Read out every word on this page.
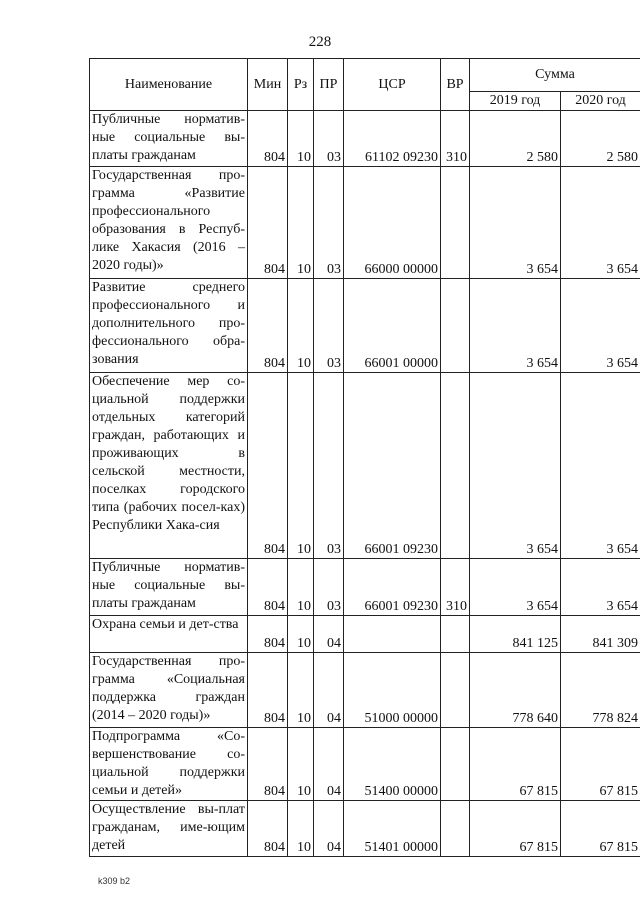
228
Наименование	Мин	Рз	ПР	ЦСР	ВР	Сумма	
						2019 год	2020 год
Публичные норматив-ные социальные вы-платы гражданам	804	10	03	61102 09230	310	2 580	2 580
Государственная про-грамма «Развитие профессионального образования в Респуб-лике Хакасия (2016 – 2020 годы)»	804	10	03	66000 00000		3 654	3 654
Развитие среднего профессионального и дополнительного про-фессионального обра-зования	804	10	03	66001 00000		3 654	3 654
Обеспечение мер со-циальной поддержки отдельных категорий граждан, работающих и проживающих в сельской местности, поселках городского типа (рабочих посел-ках) Республики Хака-сия	804	10	03	66001 09230		3 654	3 654
Публичные норматив-ные социальные вы-платы гражданам	804	10	03	66001 09230	310	3 654	3 654
Охрана семьи и дет-ства	804	10	04			841 125	841 309
Государственная про-грамма «Социальная поддержка граждан (2014 – 2020 годы)»	804	10	04	51000 00000		778 640	778 824
Подпрограмма «Со-вершенствование со-циальной поддержки семьи и детей»	804	10	04	51400 00000		67 815	67 815
Осуществление вы-плат гражданам, име-ющим детей	804	10	04	51401 00000		67 815	67 815
k309 b2
